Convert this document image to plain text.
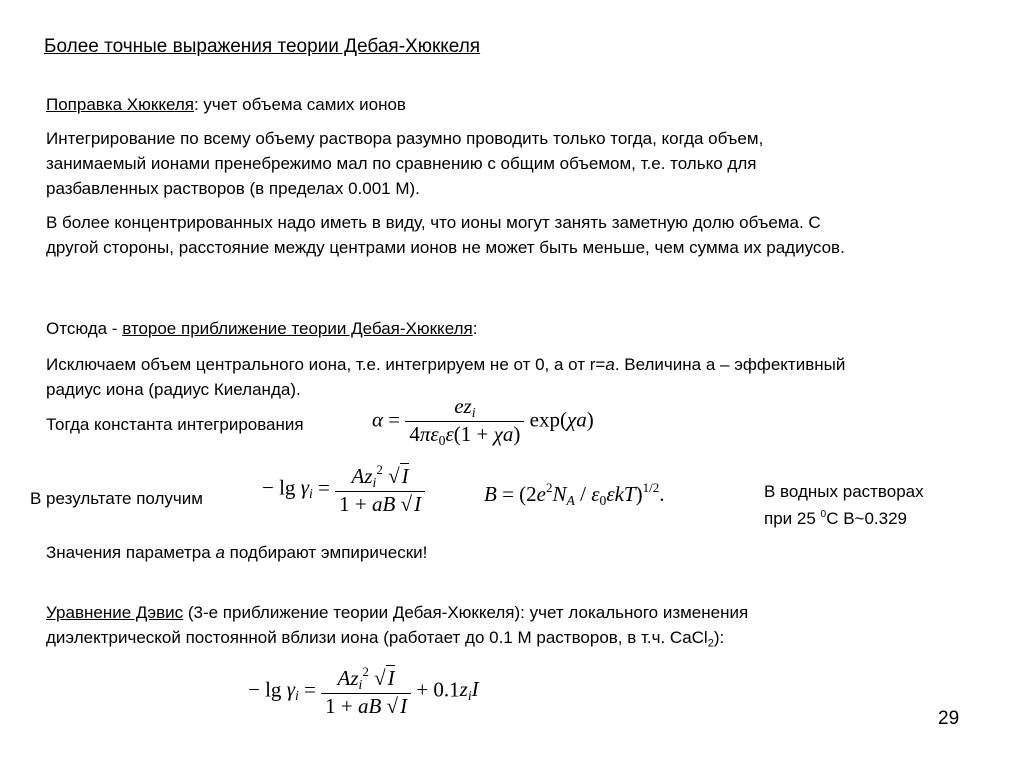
Более точные выражения теории Дебая-Хюккеля
Поправка Хюккеля: учет объема самих ионов
Интегрирование по всему объему раствора разумно проводить только тогда, когда объем,
занимаемый ионами пренебрежимо мал по сравнению с общим объемом, т.е. только для
разбавленных растворов (в пределах 0.001 М).
В более концентрированных надо иметь в виду, что ионы могут занять заметную долю объема. С
другой стороны, расстояние между центрами ионов не может быть меньше, чем сумма их радиусов.
Отсюда - второе приближение теории Дебая-Хюккеля:
Исключаем объем центрального иона, т.е. интегрируем не от 0, а от r=a. Величина а – эффективный
радиус иона (радиус Киеланда).
Тогда константа интегрирования	$\alpha = \frac{ez_i}{4\pi\varepsilon_0\varepsilon(1 + \chi a)} \exp(\chi a)$
В результате получим	− $\lg \gamma_i = \frac{Az_i^2 √I}{1 + aB √I}$	$B = (2e^2N_A / \varepsilon_0\varepsilon kT)^{1/2}$.	В водных растворах
при 25 $^0$С B~0.329
Значения параметра a подбирают эмпирически!
Уравнение Дэвис (3-е приближение теории Дебая-Хюккеля): учет локального изменения
диэлектрической постоянной вблизи иона (работает до 0.1 М растворов, в т.ч. CaCl$_2$):
− $\lg \gamma_i = \frac{Az_i^2 √I}{1 + aB √I} + 0.1z_iI$
29
